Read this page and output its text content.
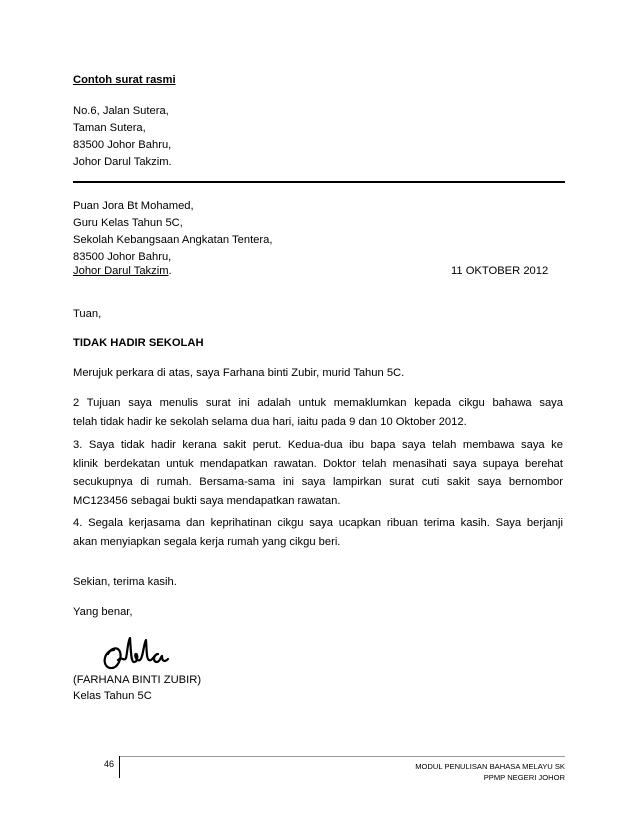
Contoh surat rasmi
No.6, Jalan Sutera,
Taman Sutera,
83500 Johor Bahru,
Johor Darul Takzim.
Puan Jora Bt Mohamed,
Guru Kelas Tahun 5C,
Sekolah Kebangsaan Angkatan Tentera,
83500 Johor Bahru,
Johor Darul Takzim.	11 OKTOBER 2012
Tuan,
TIDAK HADIR SEKOLAH
Merujuk perkara di atas, saya Farhana binti Zubir, murid Tahun 5C.
2 Tujuan saya menulis surat ini adalah untuk memaklumkan kepada cikgu bahawa saya
telah tidak hadir ke sekolah selama dua hari, iaitu pada 9 dan 10 Oktober 2012.
3. Saya tidak hadir kerana sakit perut. Kedua-dua ibu bapa saya telah membawa saya ke
klinik berdekatan untuk mendapatkan rawatan. Doktor telah menasihati saya supaya berehat
secukupnya di rumah. Bersama-sama ini saya lampirkan surat cuti sakit saya bernombor
MC123456 sebagai bukti saya mendapatkan rawatan.
4. Segala kerjasama dan keprihatinan cikgu saya ucapkan ribuan terima kasih. Saya berjanji
akan menyiapkan segala kerja rumah yang cikgu beri.
Sekian, terima kasih.
Yang benar,
(FARHANA BINTI ZUBIR)
Kelas Tahun 5C
46	MODUL PENULISAN BAHASA MELAYU SK
PPMP NEGERI JOHOR
